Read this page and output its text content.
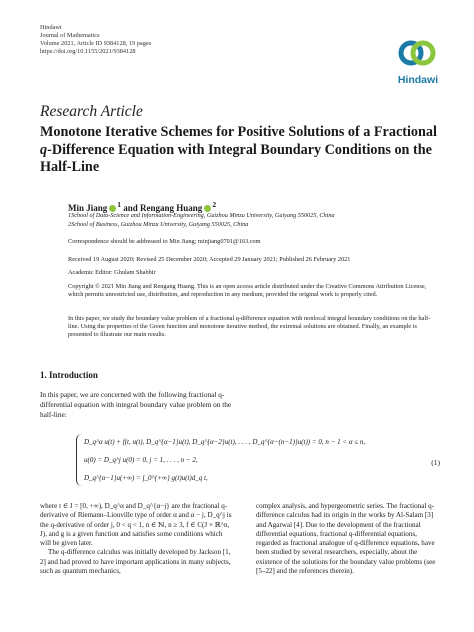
Hindawi
Journal of Mathematics
Volume 2021, Article ID 9384128, 19 pages
https://doi.org/10.1155/2021/9384128
Hindawi
Research Article
Monotone Iterative Schemes for Positive Solutions of a Fractional q-Difference Equation with Integral Boundary Conditions on the Half-Line
Min Jiang $^1$ and Rengang Huang $^2$
1School of Data-Science and Information-Engineering, Guizhou Minzu University, Guiyang 550025, China
2School of Business, Guizhou Minzu University, Guiyang 550025, China
Correspondence should be addressed to Min Jiang; minjiang0701@163.com
Received 19 August 2020; Revised 25 December 2020; Accepted 29 January 2021; Published 26 February 2021
Academic Editor: Ghulam Shabbir
Copyright © 2021 Min Jiang and Rengang Huang. This is an open access article distributed under the Creative Commons Attribution License, which permits unrestricted use, distribution, and reproduction in any medium, provided the original work is properly cited.
In this paper, we study the boundary value problem of a fractional q-difference equation with nonlocal integral boundary conditions on the half-line. Using the properties of the Green function and monotone iterative method, the extremal solutions are obtained. Finally, an example is presented to illustrate our main results.
1. Introduction
In this paper, we are concerned with the following fractional q-differential equation with integral boundary value problem on the half-line:
D_q^α u(t) + f(t, u(t), D_q^{α−1}u(t), D_q^{α−2}u(t), . . . , D_q^{α−(n−1)}u(t)) = 0, n − 1 < α ≤ n,
u(0) = D_q^j u(0) = 0, j = 1, . . . , n − 2,
D_q^{α−1}u(+∞) = ∫_0^{+∞} g(t)u(t)d_q t,
(1)

where t ∈ J = [0, +∞), D_q^α and D_q^{α−j} are the fractional q-derivative of Riemann–Liouville type of order α and α − j, D_q^j is the q-derivative of order j, 0 < q < 1, n ∈ ℕ, n ≥ 3, f ∈ C(J × ℝ^n, J), and g is a given function and satisfies some conditions which will be given later.

The q-difference calculus was initially developed by Jackson [1, 2] and had proved to have important applications in many subjects, such as quantum mechanics,

complex analysis, and hypergeometric series. The fractional q-difference calculus had its origin in the works by Al-Salam [3] and Agarwal [4]. Due to the development of the fractional differential equations, fractional q-differential equations, regarded as fractional analogue of q-difference equations, have been studied by several researchers, especially, about the existence of the solutions for the boundary value problems (see [5–22] and the references therein).
